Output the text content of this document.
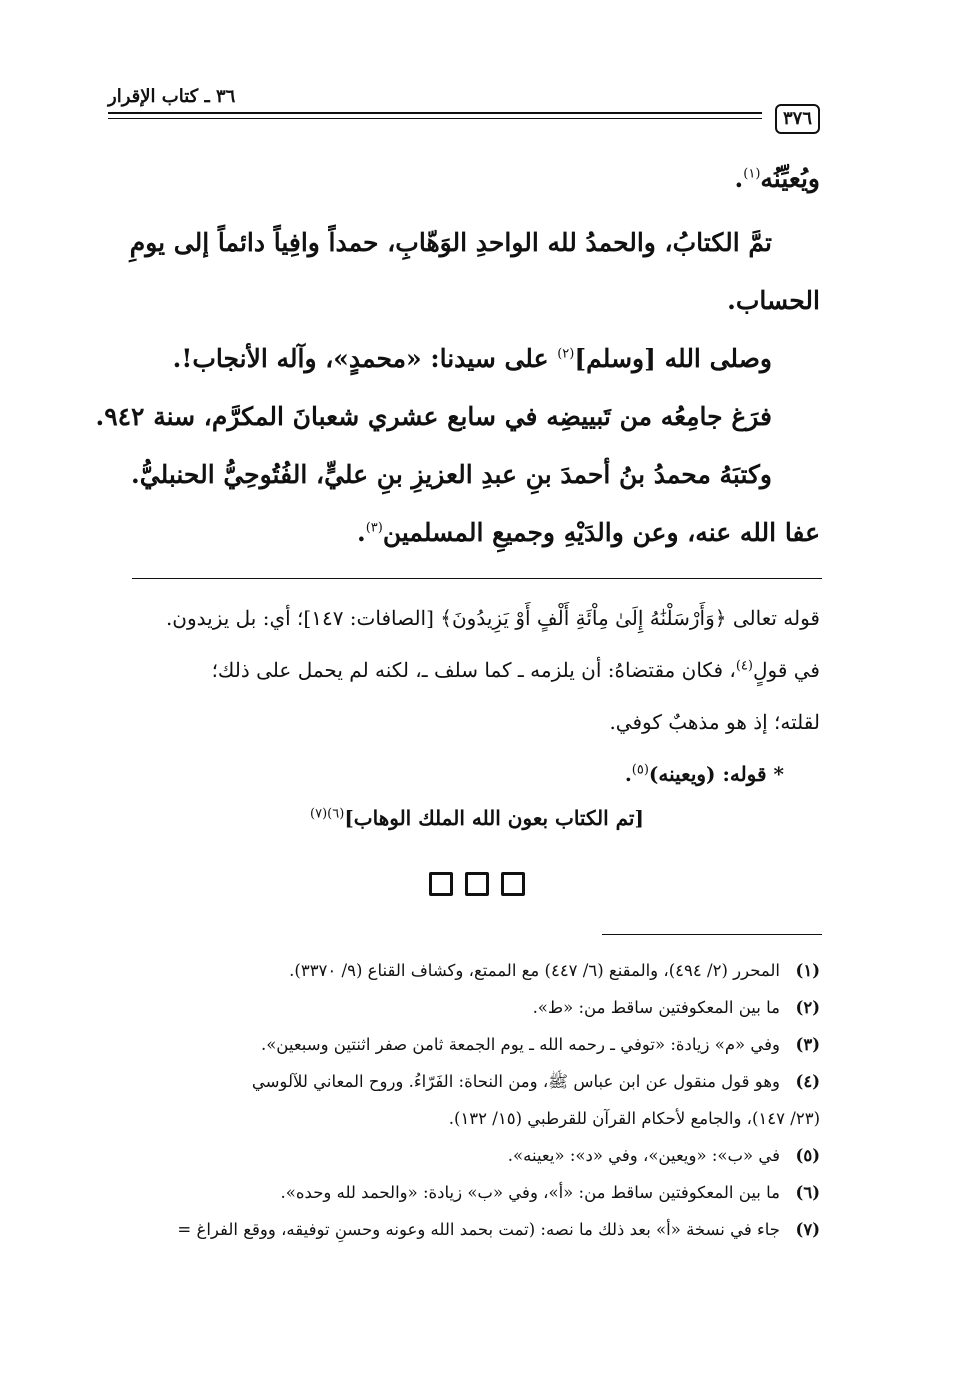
٣٧٦
٣٦ ـ كتاب الإقرار

ويُعيِّنُه$^{(١)}$.

تمَّ الكتابُ، والحمدُ لله الواحدِ الوَهّابِ، حمداً وافِياً دائماً إلى يومِ

الحساب.

وصلى الله [وسلم]$^{(٢)}$ على سيدنا: «محمدٍ»، وآله الأنجاب!.

فرَغ جامِعُه من تَبييضِه في سابع عشري شعبانَ المكرَّم، سنة ٩٤٢.

وكتبَهُ محمدُ بنُ أحمدَ بنِ عبدِ العزيزِ بنِ عليٍّ، الفُتُوحِيُّ الحنبليُّ.

عفا الله عنه، وعن والدَيْهِ وجميعِ المسلمين$^{(٣)}$.

قوله تعالى ﴿وَأَرْسَلْنَٰهُ إِلَىٰ مِاْئَةِ أَلْفٍ أَوْ يَزِيدُونَ﴾ [الصافات: ١٤٧]؛ أي: بل يزيدون.

في قولٍ$^{(٤)}$، فكان مقتضاهُ: أن يلزمه ـ كما سلف ـ، لكنه لم يحمل على ذلك؛

لقلته؛ إذ هو مذهبٌ كوفي.

* قوله: (ويعينه)$^{(٥)}$.

[تم الكتاب بعون الله الملك الوهاب]$^{(٦)(٧)}$

(١)المحرر (٢/ ٤٩٤)، والمقنع (٦/ ٤٤٧) مع الممتع، وكشاف القناع (٩/ ٣٣٧٠).

(٢)ما بين المعكوفتين ساقط من: «ط».

(٣)وفي «م» زيادة: «توفي ـ رحمه الله ـ يوم الجمعة ثامن صفر اثنتين وسبعين».

(٤)وهو قول منقول عن ابن عباس ﷺ، ومن النحاة: الفَرّاءُ. وروح المعاني للآلوسي

(٢٣/ ١٤٧)، والجامع لأحكام القرآن للقرطبي (١٥/ ١٣٢).

(٥)في «ب»: «ويعين»، وفي «د»: «يعينه».

(٦)ما بين المعكوفتين ساقط من: «أ»، وفي «ب» زيادة: «والحمد لله وحده».

(٧)جاء في نسخة «أ» بعد ذلك ما نصه: (تمت بحمد الله وعونه وحسنِ توفيقه، ووقع الفراغ =
